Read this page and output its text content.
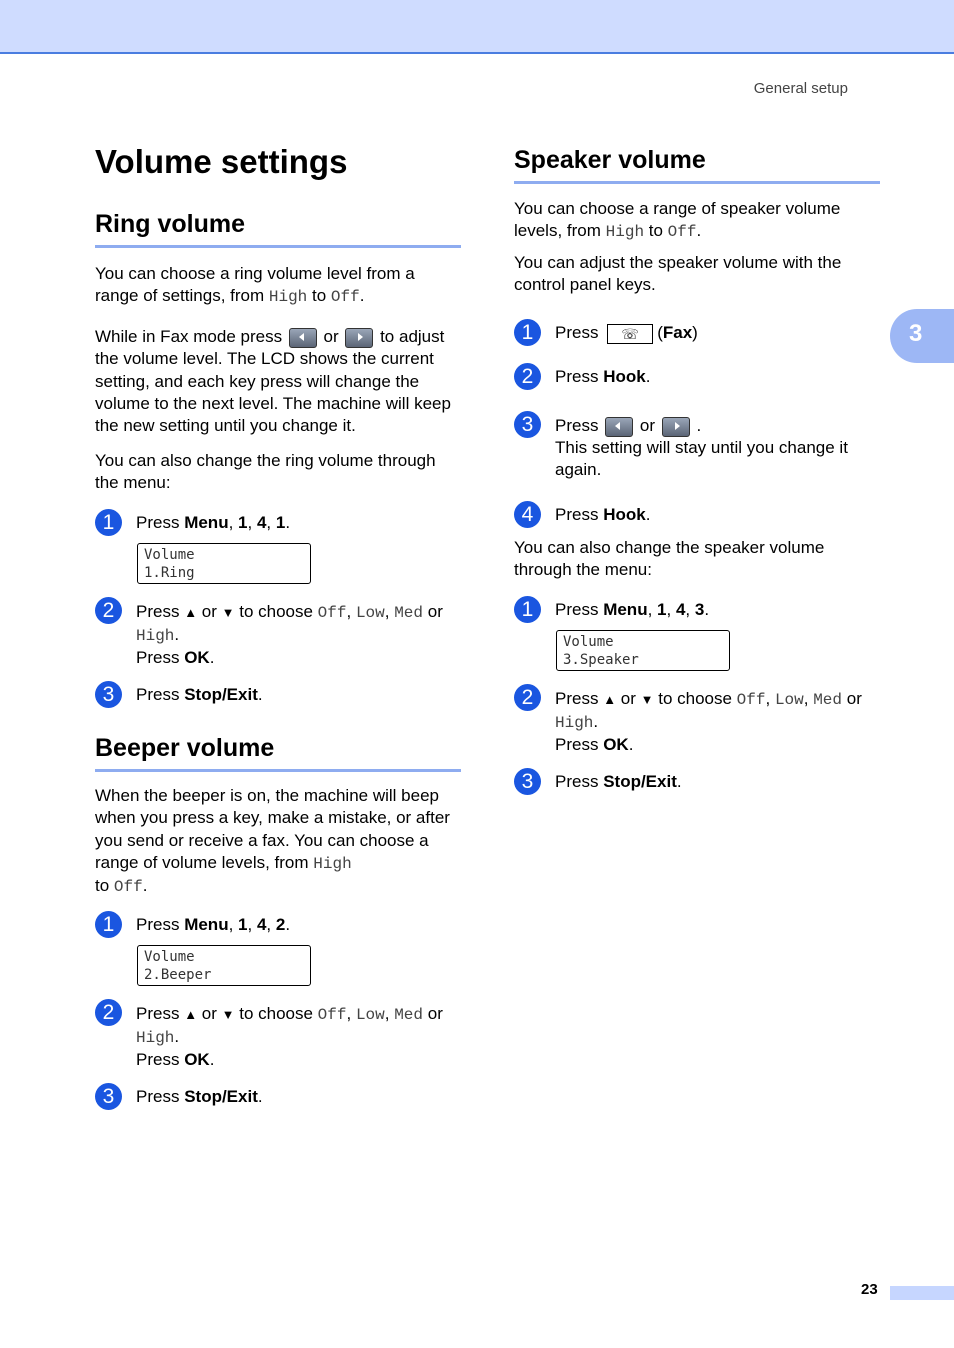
General setup
3
23
Volume settings
Ring volume
You can choose a ring volume level from a
range of settings, from High to Off.
While in Fax mode press  or  to adjust the volume level. The LCD shows the current setting, and each key press will change the volume to the next level. The machine will keep the new setting until you change it.
You can also change the ring volume through the menu:
1	Press Menu, 1, 4, 1.
Volume
1.Ring
2	Press ▲ or ▼ to choose Off, Low, Med or
High.
Press OK.
3	Press Stop/Exit.
Beeper volume
When the beeper is on, the machine will beep when you press a key, make a mistake, or after you send or receive a fax. You can choose a range of volume levels, from High
to Off.
1	Press Menu, 1, 4, 2.
Volume
2.Beeper
2	Press ▲ or ▼ to choose Off, Low, Med or
High.
Press OK.
3	Press Stop/Exit.
Speaker volume
You can choose a range of speaker volume
levels, from High to Off.
You can adjust the speaker volume with the control panel keys.
1	Press ☏ (Fax)
2	Press Hook.
3	Press  or  .
This setting will stay until you change it again.
4	Press Hook.
You can also change the speaker volume through the menu:
1	Press Menu, 1, 4, 3.
Volume
3.Speaker
2	Press ▲ or ▼ to choose Off, Low, Med or
High.
Press OK.
3	Press Stop/Exit.
